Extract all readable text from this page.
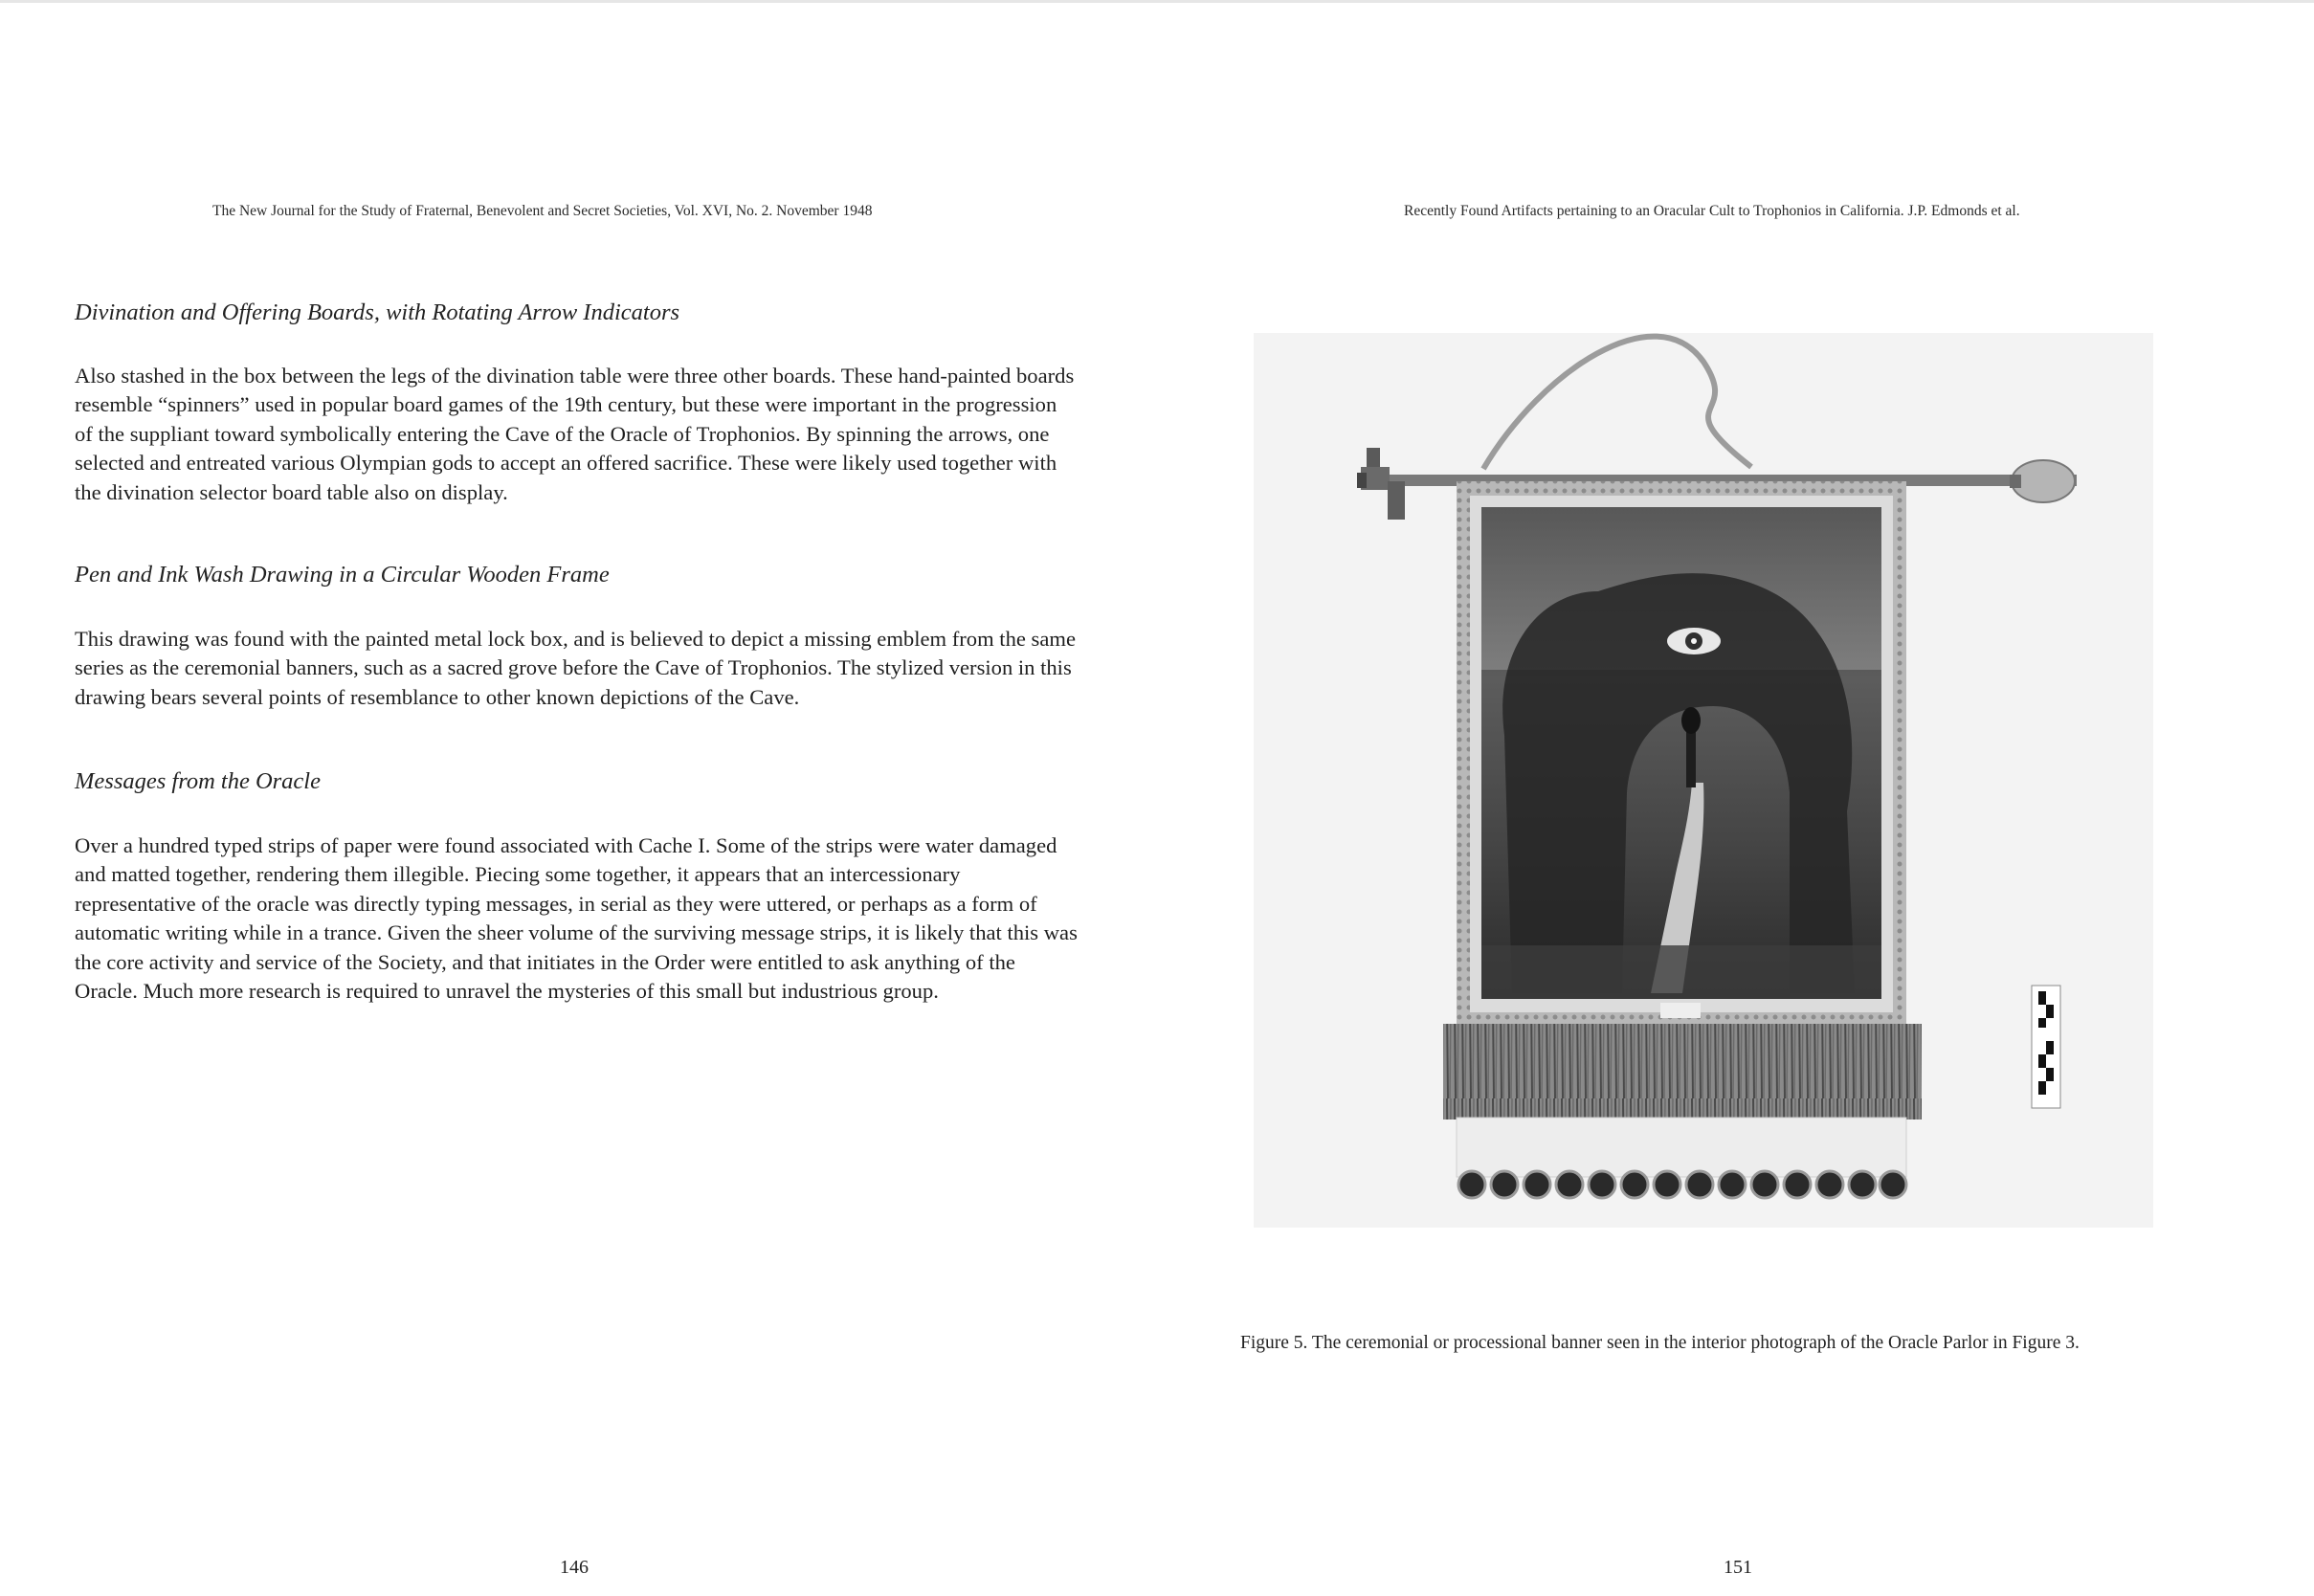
The New Journal for the Study of Fraternal, Benevolent and Secret Societies, Vol. XVI, No. 2. November 1948
Divination and Offering Boards, with Rotating Arrow Indicators

Also stashed in the box between the legs of the divination table were three other boards. These hand-painted boards resemble “spinners” used in popular board games of the 19th century, but these were important in the progression of the suppliant toward symbolically entering the Cave of the Oracle of Trophonios. By spinning the arrows, one selected and entreated various Olympian gods to accept an offered sacrifice. These were likely used together with the divination selector board table also on display.

Pen and Ink Wash Drawing in a Circular Wooden Frame

This drawing was found with the painted metal lock box, and is believed to depict a missing emblem from the same series as the ceremonial banners, such as a sacred grove before the Cave of Trophonios. The stylized version in this drawing bears several points of resemblance to other known depictions of the Cave.

Messages from the Oracle

Over a hundred typed strips of paper were found associated with Cache I. Some of the strips were water damaged and matted together, rendering them illegible. Piecing some together, it appears that an intercessionary representative of the oracle was directly typing messages, in serial as they were uttered, or perhaps as a form of automatic writing while in a trance. Given the sheer volume of the surviving message strips, it is likely that this was the core activity and service of the Society, and that initiates in the Order were entitled to ask anything of the Oracle. Much more research is required to unravel the mysteries of this small but industrious group.

146
Recently Found Artifacts pertaining to an Oracular Cult to Trophonios in California. J.P. Edmonds et al.
Figure 5. The ceremonial or processional banner seen in the interior photograph of the Oracle Parlor in Figure 3.
151
